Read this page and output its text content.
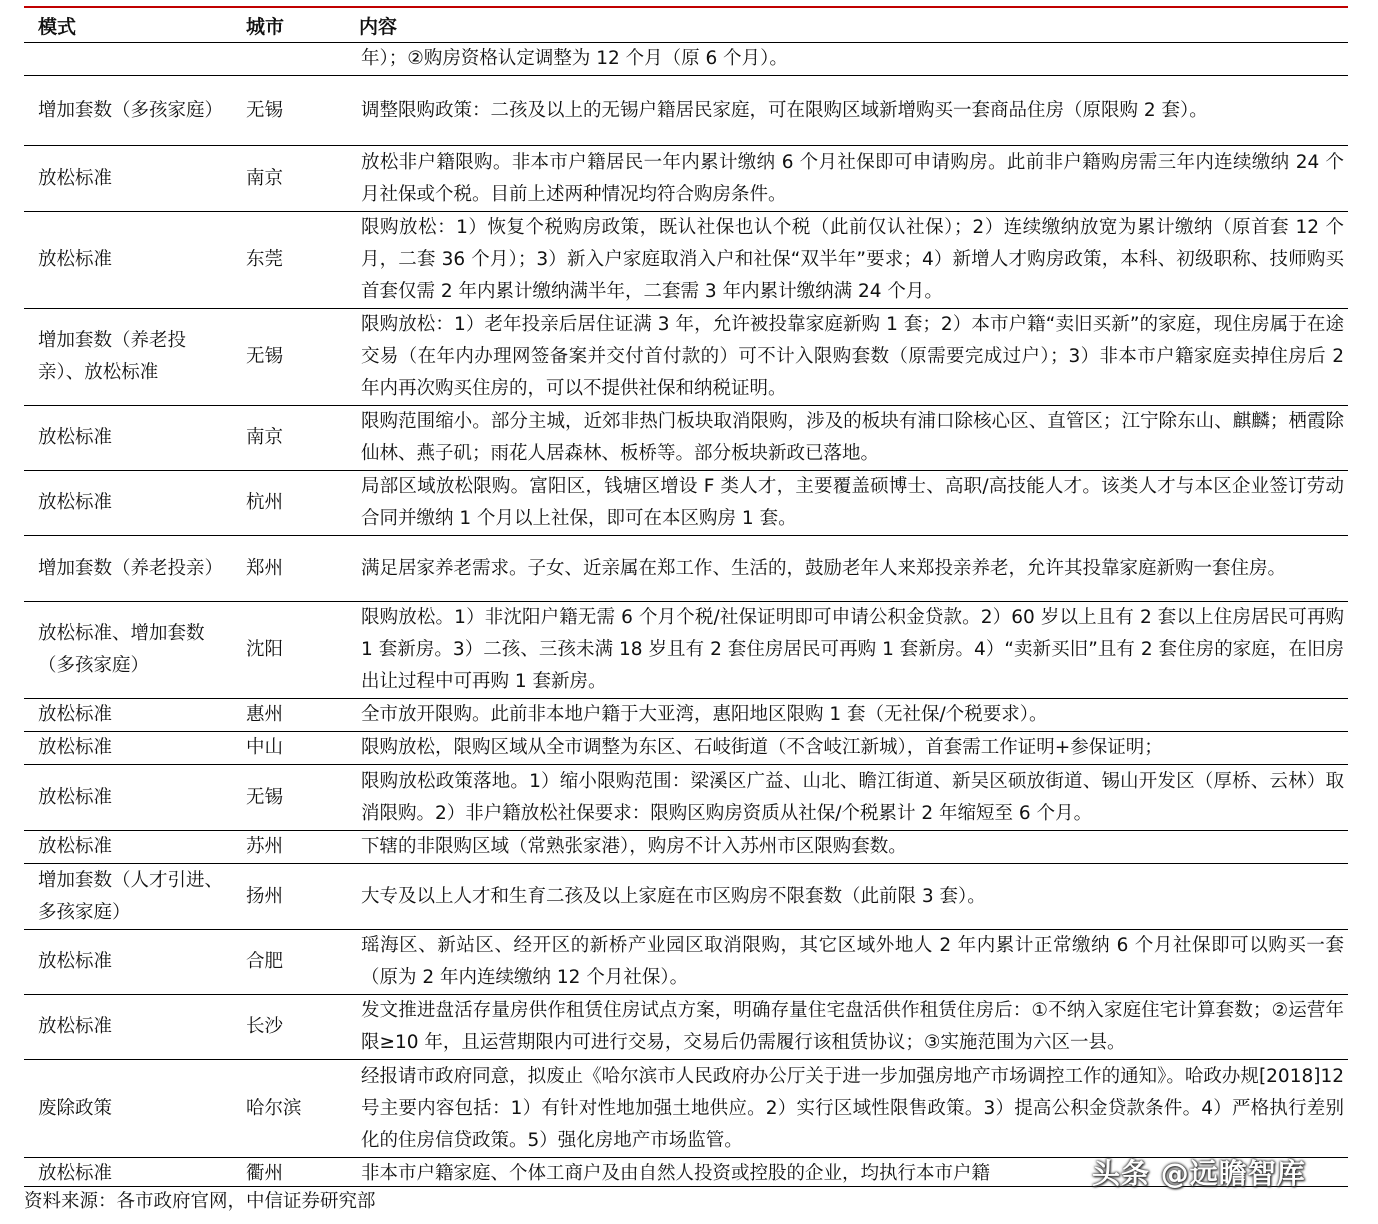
模式	城市	内容
		年）；②购房资格认定调整为 12 个月（原 6 个月）。
增加套数（多孩家庭）	无锡	调整限购政策：二孩及以上的无锡户籍居民家庭，可在限购区域新增购买一套商品住房（原限购 2 套）。
放松标准	南京	放松非户籍限购。非本市户籍居民一年内累计缴纳 6 个月社保即可申请购房。此前非户籍购房需三年内连续缴纳 24 个月社保或个税。目前上述两种情况均符合购房条件。
放松标准	东莞	限购放松：1）恢复个税购房政策，既认社保也认个税（此前仅认社保）；2）连续缴纳放宽为累计缴纳（原首套 12 个月，二套 36 个月）；3）新入户家庭取消入户和社保“双半年”要求；4）新增人才购房政策，本科、初级职称、技师购买首套仅需 2 年内累计缴纳满半年，二套需 3 年内累计缴纳满 24 个月。
增加套数（养老投亲）、放松标准	无锡	限购放松：1）老年投亲后居住证满 3 年，允许被投靠家庭新购 1 套；2）本市户籍“卖旧买新”的家庭，现住房属于在途交易（在年内办理网签备案并交付首付款的）可不计入限购套数（原需要完成过户）；3）非本市户籍家庭卖掉住房后 2 年内再次购买住房的，可以不提供社保和纳税证明。
放松标准	南京	限购范围缩小。部分主城，近郊非热门板块取消限购，涉及的板块有浦口除核心区、直管区；江宁除东山、麒麟；栖霞除仙林、燕子矶；雨花人居森林、板桥等。部分板块新政已落地。
放松标准	杭州	局部区域放松限购。富阳区，钱塘区增设 F 类人才，主要覆盖硕博士、高职/高技能人才。该类人才与本区企业签订劳动合同并缴纳 1 个月以上社保，即可在本区购房 1 套。
增加套数（养老投亲）	郑州	满足居家养老需求。子女、近亲属在郑工作、生活的，鼓励老年人来郑投亲养老，允许其投靠家庭新购一套住房。
放松标准、增加套数（多孩家庭）	沈阳	限购放松。1）非沈阳户籍无需 6 个月个税/社保证明即可申请公积金贷款。2）60 岁以上且有 2 套以上住房居民可再购 1 套新房。3）二孩、三孩未满 18 岁且有 2 套住房居民可再购 1 套新房。4）“卖新买旧”且有 2 套住房的家庭，在旧房出让过程中可再购 1 套新房。
放松标准	惠州	全市放开限购。此前非本地户籍于大亚湾，惠阳地区限购 1 套（无社保/个税要求）。
放松标准	中山	限购放松，限购区域从全市调整为东区、石岐街道（不含岐江新城），首套需工作证明+参保证明；
放松标准	无锡	限购放松政策落地。1）缩小限购范围：梁溪区广益、山北、瞻江街道、新吴区硕放街道、锡山开发区（厚桥、云林）取消限购。2）非户籍放松社保要求：限购区购房资质从社保/个税累计 2 年缩短至 6 个月。
放松标准	苏州	下辖的非限购区域（常熟张家港），购房不计入苏州市区限购套数。
增加套数（人才引进、多孩家庭）	扬州	大专及以上人才和生育二孩及以上家庭在市区购房不限套数（此前限 3 套）。
放松标准	合肥	瑶海区、新站区、经开区的新桥产业园区取消限购，其它区域外地人 2 年内累计正常缴纳 6 个月社保即可以购买一套（原为 2 年内连续缴纳 12 个月社保）。
放松标准	长沙	发文推进盘活存量房供作租赁住房试点方案，明确存量住宅盘活供作租赁住房后：①不纳入家庭住宅计算套数；②运营年限≥10 年，且运营期限内可进行交易，交易后仍需履行该租赁协议；③实施范围为六区一县。
废除政策	哈尔滨	经报请市政府同意，拟废止《哈尔滨市人民政府办公厅关于进一步加强房地产市场调控工作的通知》。哈政办规[2018]12 号主要内容包括：1）有针对性地加强土地供应。2）实行区域性限售政策。3）提高公积金贷款条件。4）严格执行差别化的住房信贷政策。5）强化房地产市场监管。
放松标准	衢州	非本市户籍家庭、个体工商户及由自然人投资或控股的企业，均执行本市户籍
资料来源：各市政府官网，中信证券研究部
头条 @远瞻智库
